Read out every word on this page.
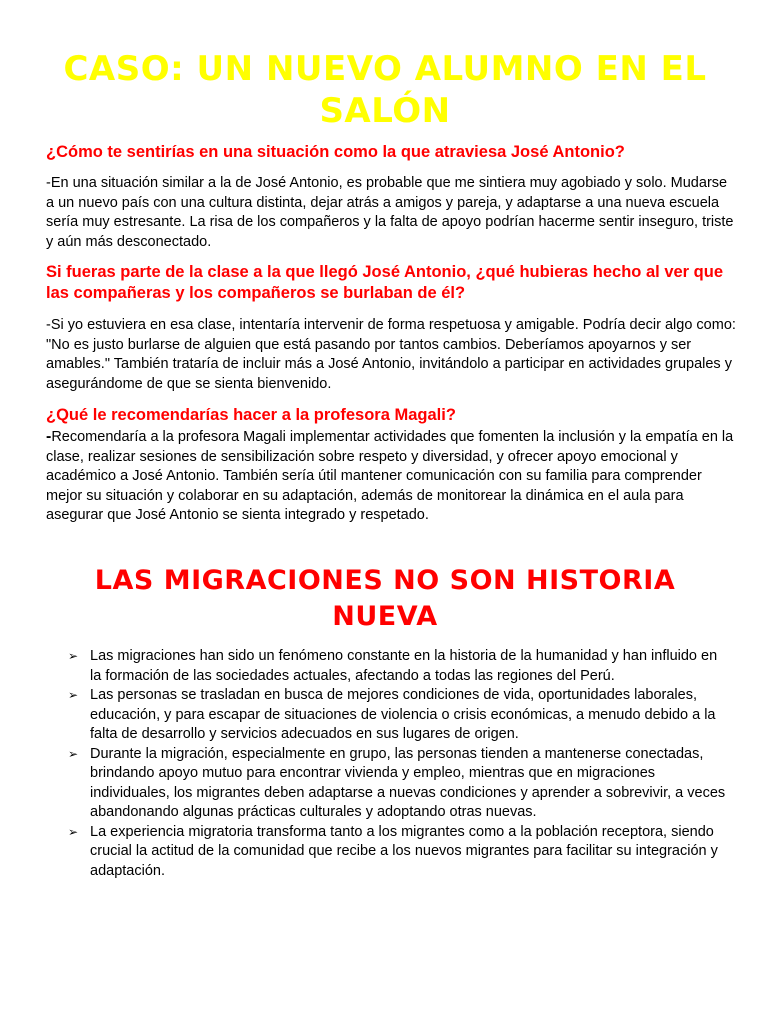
CASO: UN NUEVO ALUMNO EN EL SALÓN

¿Cómo te sentirías en una situación como la que atraviesa José Antonio?

-En una situación similar a la de José Antonio, es probable que me sintiera muy agobiado y solo. Mudarse a un nuevo país con una cultura distinta, dejar atrás a amigos y pareja, y adaptarse a una nueva escuela sería muy estresante. La risa de los compañeros y la falta de apoyo podrían hacerme sentir inseguro, triste y aún más desconectado.

Si fueras parte de la clase a la que llegó José Antonio, ¿qué hubieras hecho al ver que las compañeras y los compañeros se burlaban de él?

-Si yo estuviera en esa clase, intentaría intervenir de forma respetuosa y amigable. Podría decir algo como: "No es justo burlarse de alguien que está pasando por tantos cambios. Deberíamos apoyarnos y ser amables." También trataría de incluir más a José Antonio, invitándolo a participar en actividades grupales y asegurándome de que se sienta bienvenido.

¿Qué le recomendarías hacer a la profesora Magali?

-Recomendaría a la profesora Magali implementar actividades que fomenten la inclusión y la empatía en la clase, realizar sesiones de sensibilización sobre respeto y diversidad, y ofrecer apoyo emocional y académico a José Antonio. También sería útil mantener comunicación con su familia para comprender mejor su situación y colaborar en su adaptación, además de monitorear la dinámica en el aula para asegurar que José Antonio se sienta integrado y respetado.

LAS MIGRACIONES NO SON HISTORIA NUEVA
➢ Las migraciones han sido un fenómeno constante en la historia de la humanidad y han influido en la formación de las sociedades actuales, afectando a todas las regiones del Perú.
➢ Las personas se trasladan en busca de mejores condiciones de vida, oportunidades laborales, educación, y para escapar de situaciones de violencia o crisis económicas, a menudo debido a la falta de desarrollo y servicios adecuados en sus lugares de origen.
➢ Durante la migración, especialmente en grupo, las personas tienden a mantenerse conectadas, brindando apoyo mutuo para encontrar vivienda y empleo, mientras que en migraciones individuales, los migrantes deben adaptarse a nuevas condiciones y aprender a sobrevivir, a veces abandonando algunas prácticas culturales y adoptando otras nuevas.
➢ La experiencia migratoria transforma tanto a los migrantes como a la población receptora, siendo crucial la actitud de la comunidad que recibe a los nuevos migrantes para facilitar su integración y adaptación.
